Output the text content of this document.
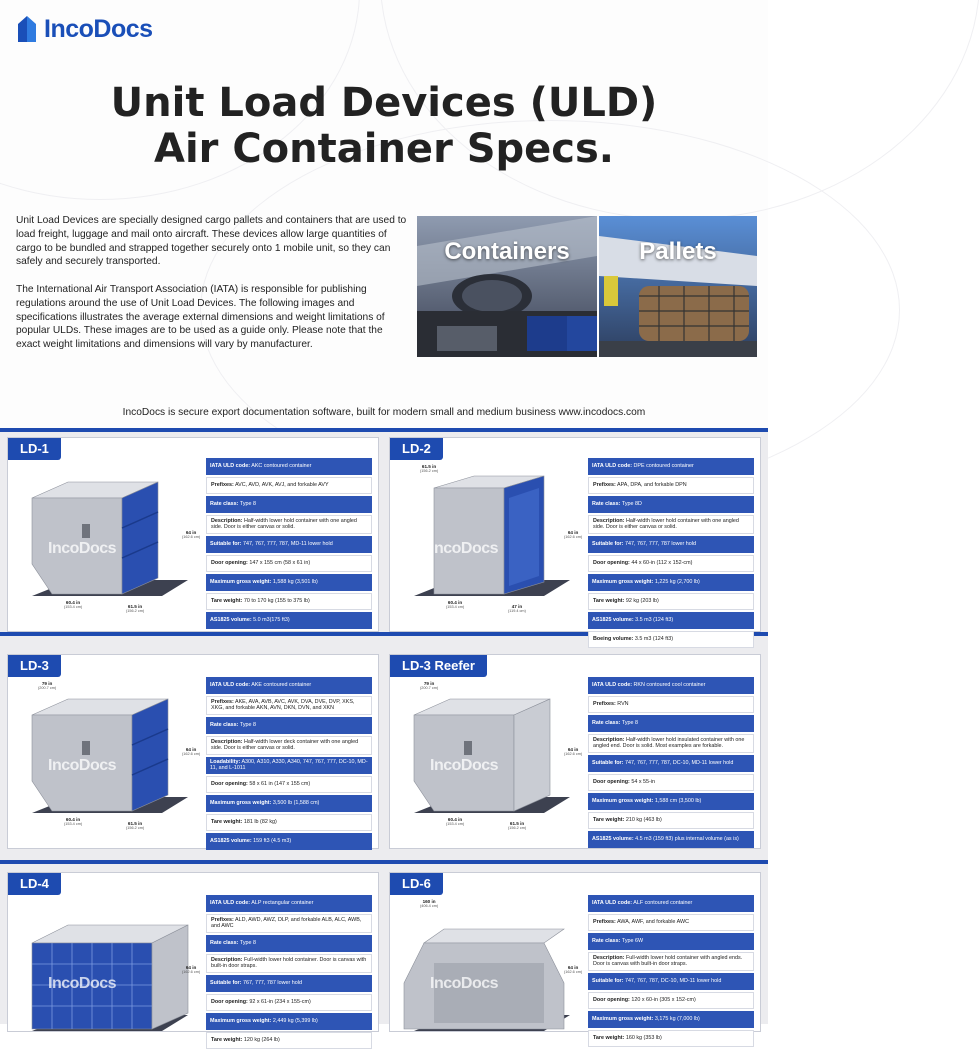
IncoDocs
Unit Load Devices (ULD)
Air Container Specs.

Unit Load Devices are specially designed cargo pallets and containers that are used to load freight, luggage and mail onto aircraft. These devices allow large quantities of cargo to be bundled and strapped together securely onto 1 mobile unit, so they can safely and securely transported.

The International Air Transport Association (IATA) is responsible for publishing regulations around the use of Unit Load Devices. The following images and specifications illustrates the average external dimensions and weight limitations of popular ULDs. These images are to be used as a guide only. Please note that the exact weight limitations and dimensions will vary by manufacturer.

Containers	Pallets
IncoDocs is secure export documentation software, built for modern small and medium business www.incodocs.com
LD-1
IncoDocs
64 in
(162.6 cm)
60.4 in
(153.4 cm)	61.5 in
(156.2 cm)
IATA ULD code: AKC contoured container
Prefixes: AVC, AVD, AVK, AVJ, and forkable AVY
Rate class: Type 8
Description: Half-width lower hold container with one angled side. Door is either canvas or solid.
Suitable for: 747, 767, 777, 787, MD-11 lower hold
Door opening: 147 x 155 cm (58 x 61 in)
Maximum gross weight: 1,588 kg (3,501 lb)
Tare weight: 70 to 170 kg (155 to 375 lb)
AS1825 volume: 5.0 m3(175 ft3)
LD-2
IncoDocs
64 in
(162.6 cm)
60.4 in
(153.4 cm)	47 in
(119.4 cm)
61.5 in
(156.2 cm)
IATA ULD code: DPE contoured container
Prefixes: APA, DPA, and forkable DPN
Rate class: Type 8D
Description: Half-width lower hold container with one angled side. Door is either canvas or solid.
Suitable for: 747, 767, 777, 787 lower hold
Door opening: 44 x 60-in (112 x 152-cm)
Maximum gross weight: 1,225 kg (2,700 lb)
Tare weight: 92 kg (203 lb)
AS1825 volume: 3.5 m3 (124 ft3)
Boeing volume: 3.5 m3 (124 ft3)
LD-3
IncoDocs
64 in
(162.6 cm)
60.4 in
(153.4 cm)	61.5 in
(156.2 cm)
79 in
(200.7 cm)	IATA ULD code: AKE contoured container
Prefixes: AKE, AVA, AVB, AVC, AVK, DVA, DVE, DVP, XKS, XKG, and forkable AKN, AVN, DKN, DVN, and XKN
Rate class: Type 8
Description: Half-width lower deck container with one angled side. Door is either canvas or solid.
Loadability: A300, A310, A330, A340, 747, 767, 777, DC-10, MD-11, and L-1011
Door opening: 58 x 61 in (147 x 155 cm)
Maximum gross weight: 3,500 lb (1,588 cm)
Tare weight: 181 lb (82 kg)
AS1825 volume: 159 ft3 (4.5 m3)
LD-3 Reefer
IncoDocs
64 in
(162.6 cm)
60.4 in
(153.4 cm)	61.5 in
(156.2 cm)
79 in
(200.7 cm)	IATA ULD code: RKN contoured cool container
Prefixes: RVN
Rate class: Type 8
Description: Half-width lower hold insulated container with one angled end. Door is solid. Most examples are forkable.
Suitable for: 747, 767, 777, 787, DC-10, MD-11 lower hold
Door opening: 54 x 55-in
Maximum gross weight: 1,588 cm (3,500 lb)
Tare weight: 210 kg (463 lb)
AS1825 volume: 4.5 m3 (159 ft3) plus internal volume (as is)
LD-4
IncoDocs
64 in
(162.6 cm)
IATA ULD code: ALP rectangular container
Prefixes: ALD, AWD, AWZ, DLP, and forkable ALB, ALC, AWB, and AWC
Rate class: Type 8
Description: Full-width lower hold container. Door is canvas with built-in door straps.
Suitable for: 767, 777, 787 lower hold
Door opening: 92 x 61-in (234 x 155-cm)
Maximum gross weight: 2,449 kg (5,399 lb)
Tare weight: 120 kg (264 lb)
LD-6
IncoDocs
64 in
(162.6 cm)
160 in
(406.4 cm)	IATA ULD code: ALF contoured container
Prefixes: AWA, AWF, and forkable AWC
Rate class: Type 6W
Description: Full-width lower hold container with angled ends. Door is canvas with built-in door straps.
Suitable for: 747, 767, 787, DC-10, MD-11 lower hold
Door opening: 120 x 60-in (305 x 152-cm)
Maximum gross weight: 3,175 kg (7,000 lb)
Tare weight: 160 kg (353 lb)
